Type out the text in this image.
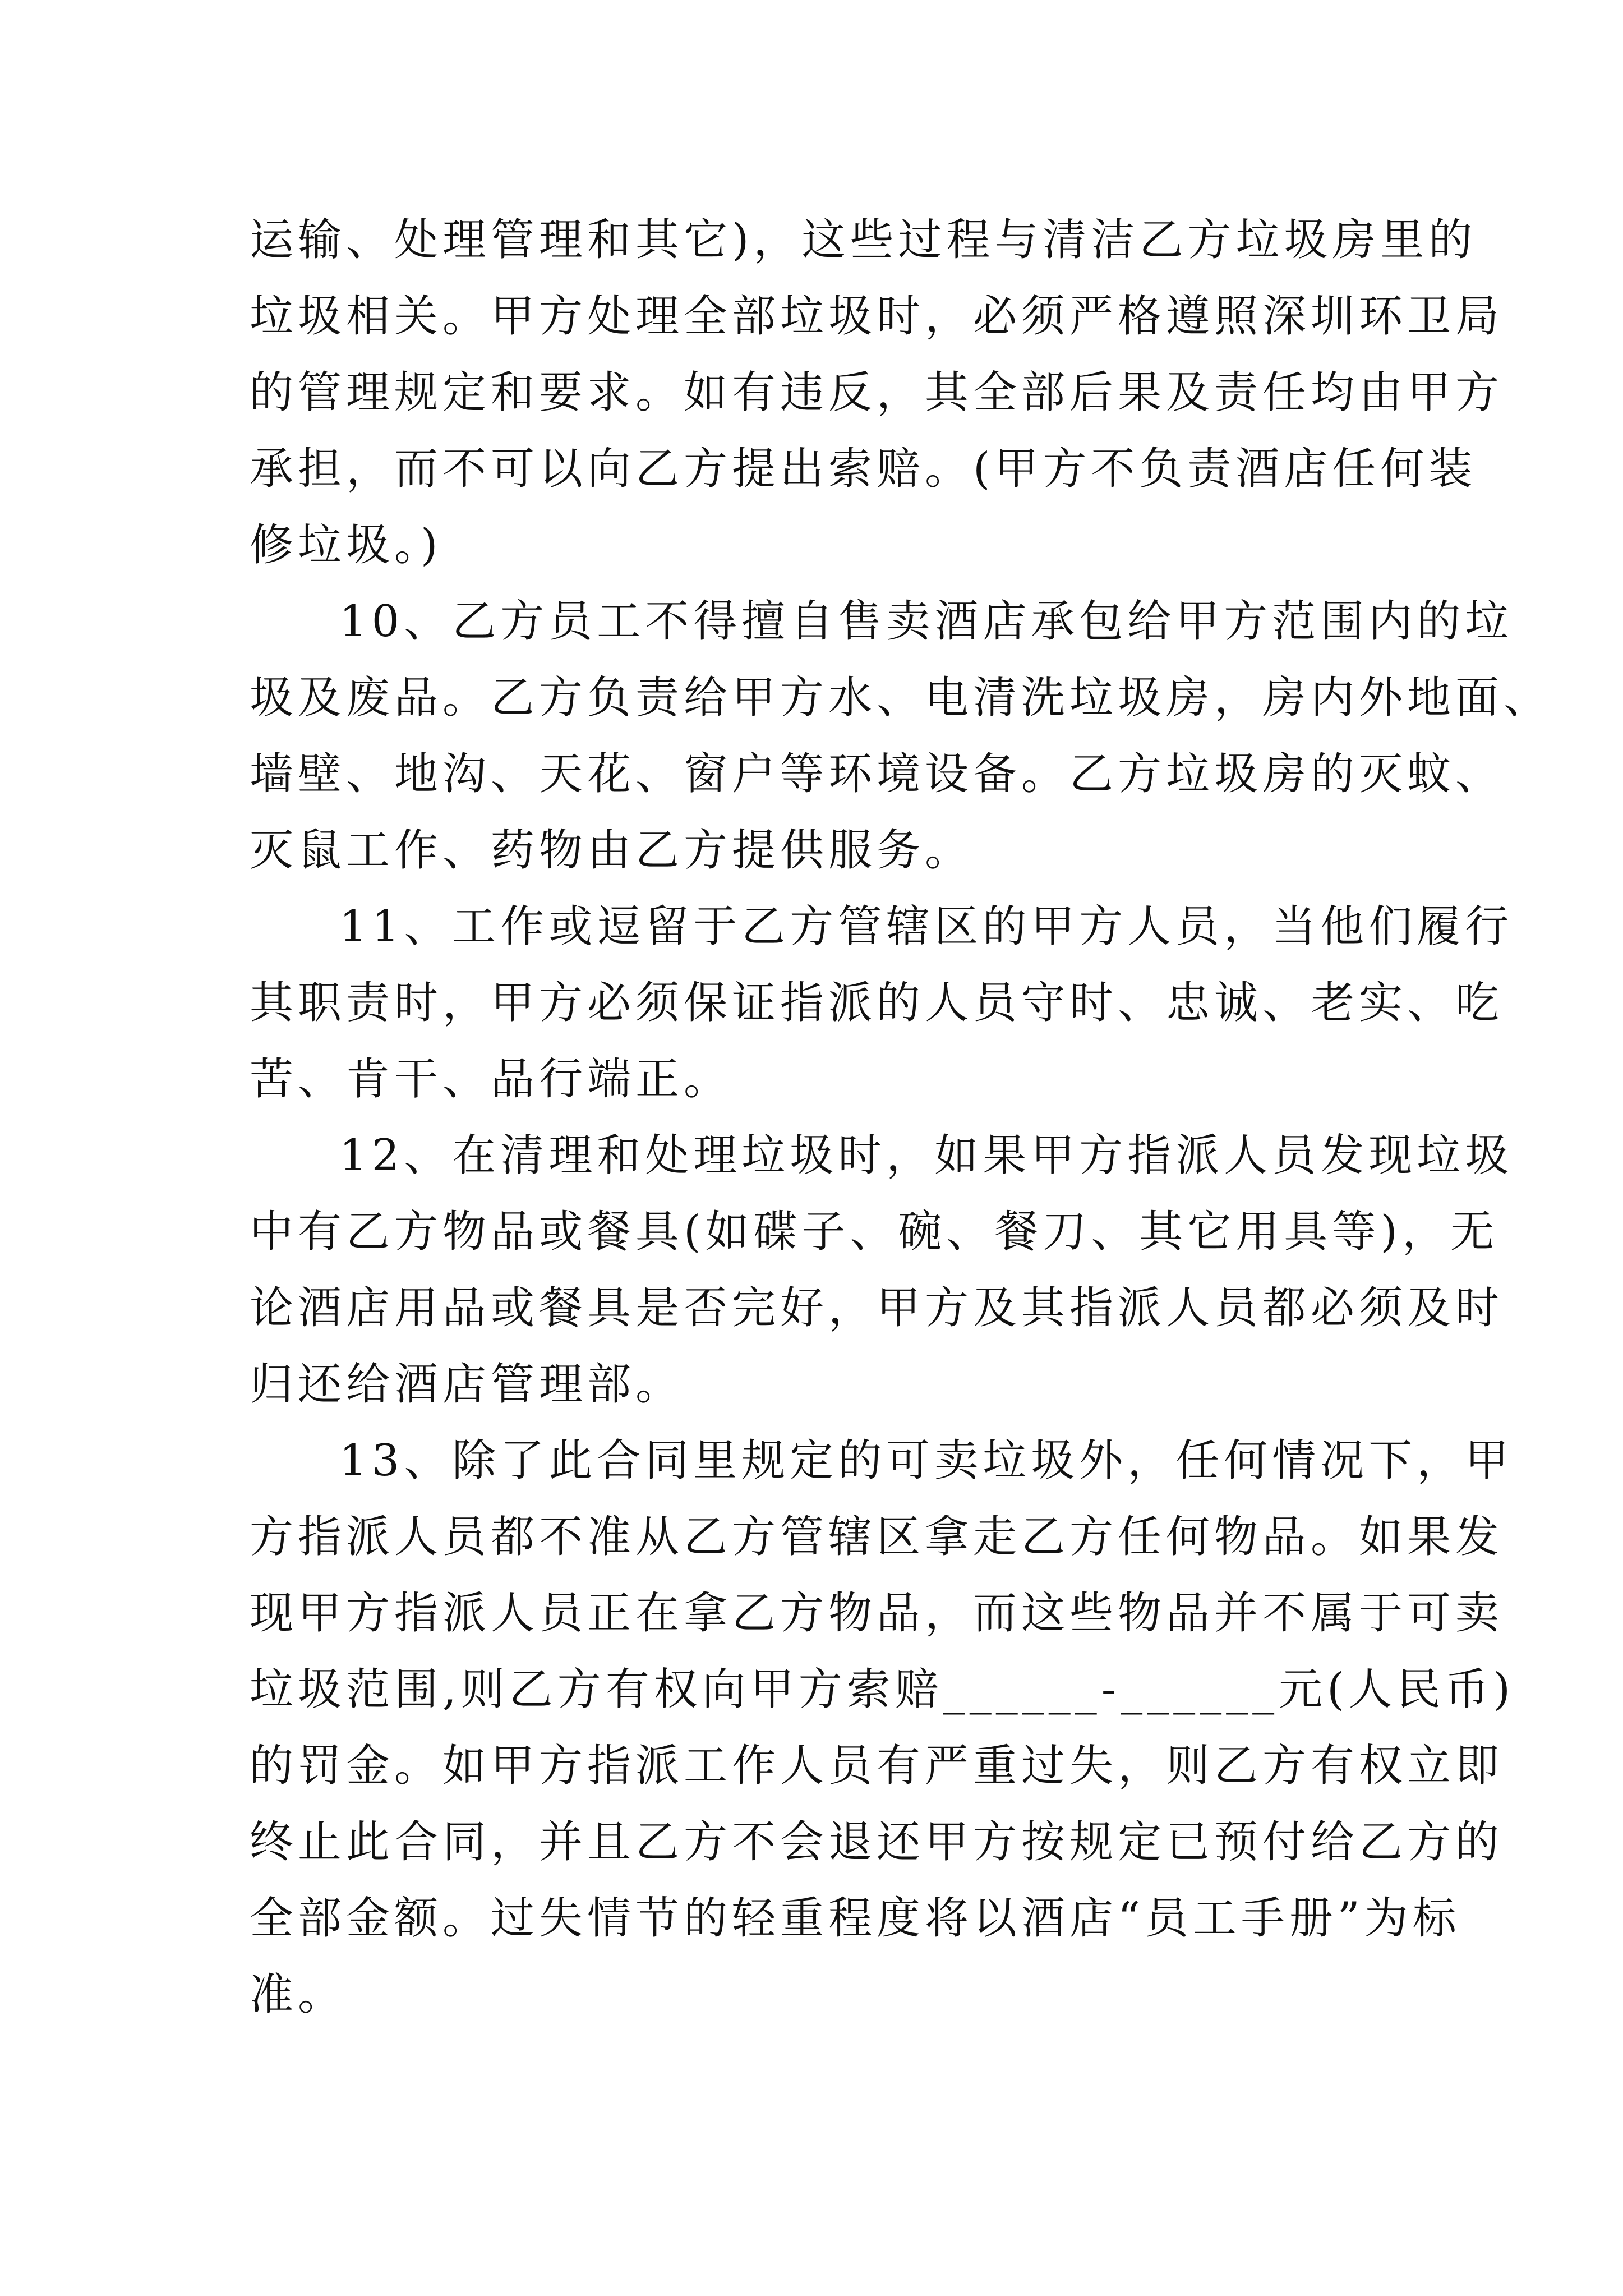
运输、处理管理和其它)，这些过程与清洁乙方垃圾房里的
垃圾相关。甲方处理全部垃圾时，必须严格遵照深圳环卫局
的管理规定和要求。如有违反，其全部后果及责任均由甲方
承担，而不可以向乙方提出索赔。(甲方不负责酒店任何装
修垃圾。)

10、乙方员工不得擅自售卖酒店承包给甲方范围内的垃
圾及废品。乙方负责给甲方水、电清洗垃圾房，房内外地面、
墙壁、地沟、天花、窗户等环境设备。乙方垃圾房的灭蚊、
灭鼠工作、药物由乙方提供服务。

11、工作或逗留于乙方管辖区的甲方人员，当他们履行
其职责时，甲方必须保证指派的人员守时、忠诚、老实、吃
苦、肯干、品行端正。

12、在清理和处理垃圾时，如果甲方指派人员发现垃圾
中有乙方物品或餐具(如碟子、碗、餐刀、其它用具等)，无
论酒店用品或餐具是否完好，甲方及其指派人员都必须及时
归还给酒店管理部。

13、除了此合同里规定的可卖垃圾外，任何情况下，甲
方指派人员都不准从乙方管辖区拿走乙方任何物品。如果发
现甲方指派人员正在拿乙方物品，而这些物品并不属于可卖
垃圾范围,则乙方有权向甲方索赔______-______元(人民币)
的罚金。如甲方指派工作人员有严重过失，则乙方有权立即
终止此合同，并且乙方不会退还甲方按规定已预付给乙方的
全部金额。过失情节的轻重程度将以酒店“员工手册”为标
准。
